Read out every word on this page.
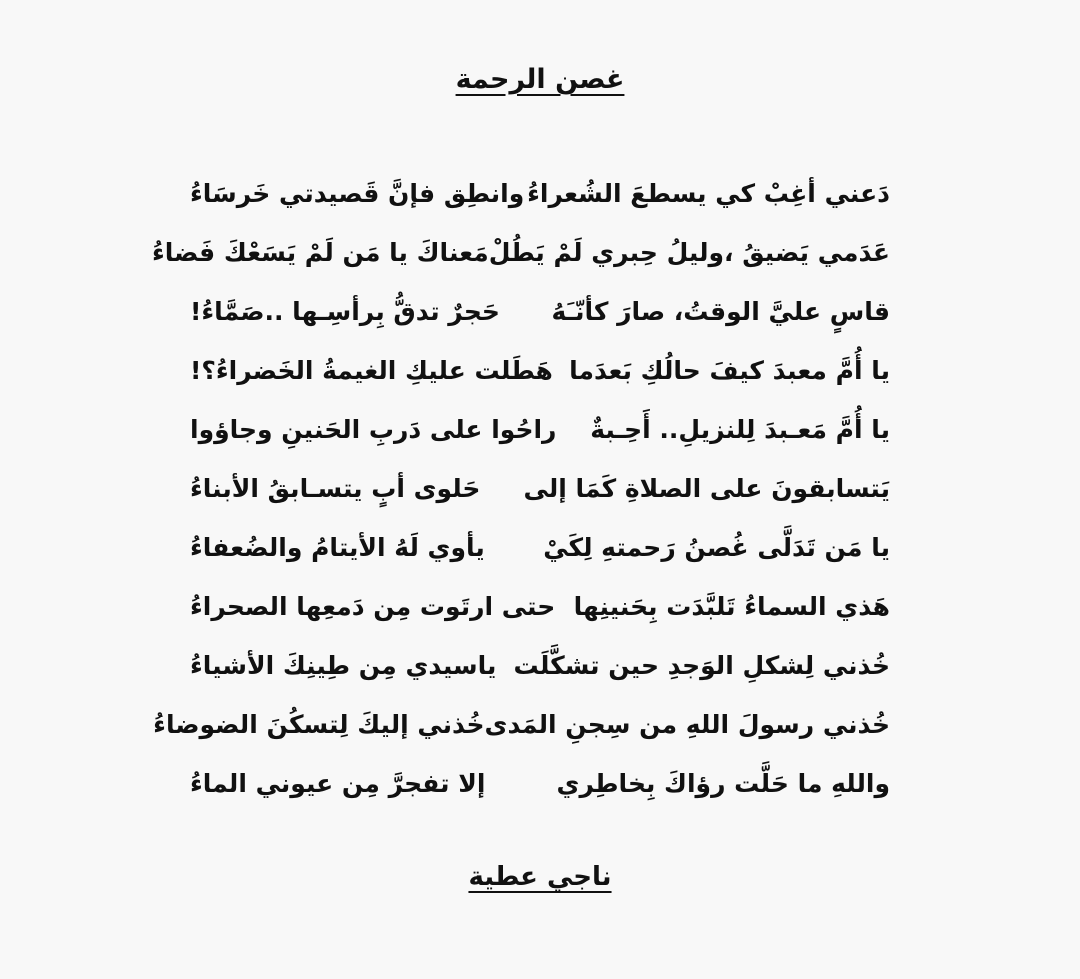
غصن الرحمة
دَعني أغِبْ كي يسطعَ الشُعراءُ
وانطِق فإنَّ قَصيدتي خَرسَاءُ
عَدَمي يَضيقُ ،وليلُ حِبري لَمْ يَطُلْ
مَعناكَ يا مَن لَمْ يَسَعْكَ فَضاءُ
قاسٍ عليَّ الوقتُ، صارَ كأنّـَهُ
حَجرٌ تدقُّ بِرأسِـها ..صَمَّاءُ!
يا أُمَّ معبدَ كيفَ حالُكِ بَعدَما
هَطَلت عليكِ الغيمةُ الخَضراءُ؟!
يا أُمَّ مَعـبدَ لِلنزيلِ.. أَحِـبةٌ
راحُوا على دَربِ الحَنينِ وجاؤوا
يَتسابقونَ على الصلاةِ كَمَا إلى
حَلوى أبٍ يتسـابقُ الأبناءُ
يا مَن تَدَلَّى غُصنُ رَحمتهِ لِكَيْ
يأوي لَهُ الأيتامُ والضُعفاءُ
هَذي السماءُ تَلبَّدَت بِحَنينِها
حتى ارتَوت مِن دَمعِها الصحراءُ
خُذني لِشكلِ الوَجدِ حين تشكَّلَت
ياسيدي مِن طِينِكَ الأشياءُ
خُذني رسولَ اللهِ من سِجنِ المَدى
خُذني إليكَ لِتسكُنَ الضوضاءُ
واللهِ ما حَلَّت رؤاكَ بِخاطِري
إلا تفجرَّ مِن عيوني الماءُ
ناجي عطية
